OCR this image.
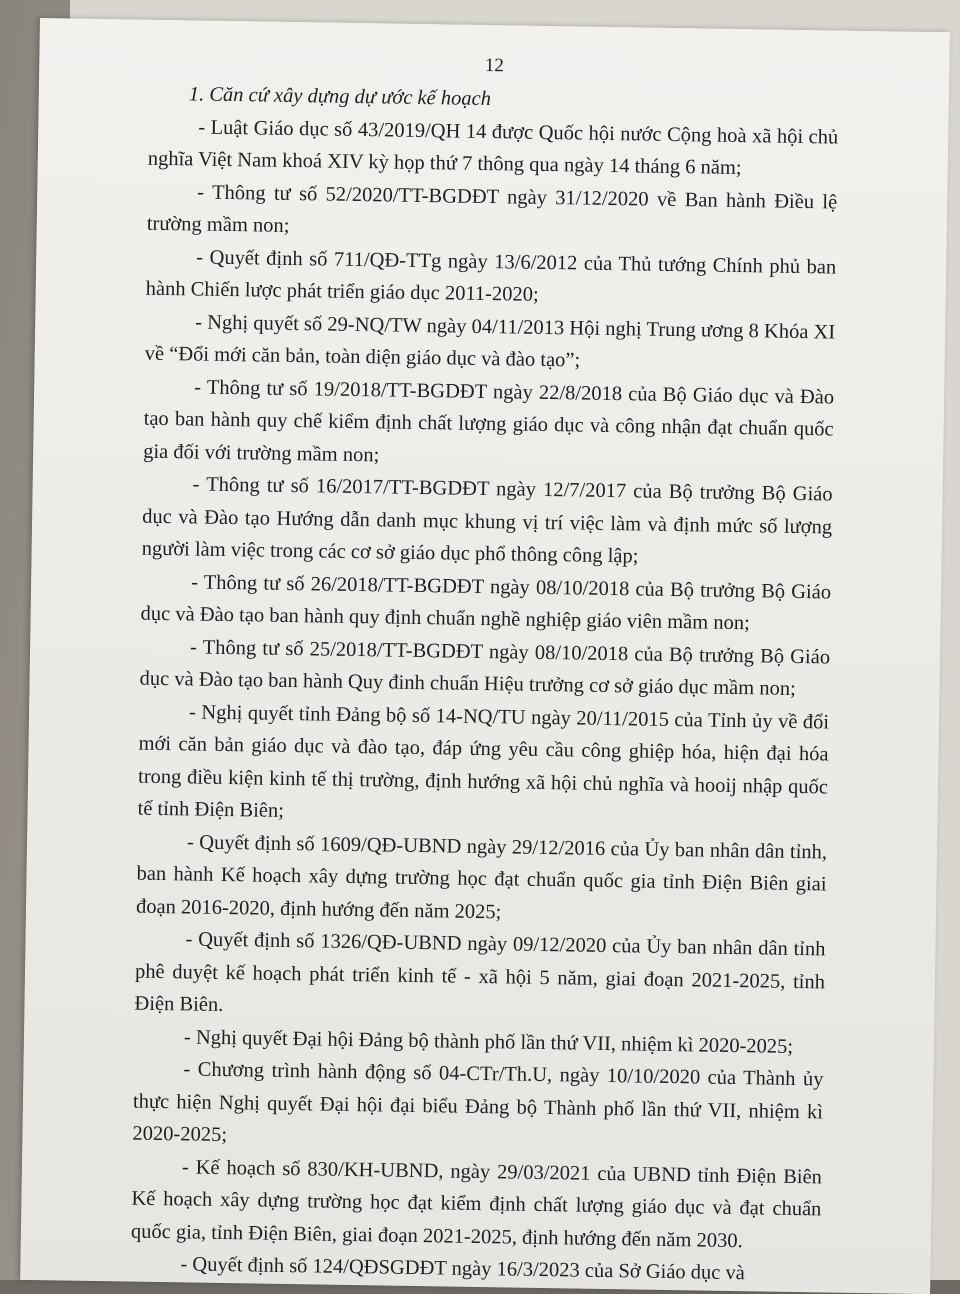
12

1. Căn cứ xây dựng dự ước kế hoạch

- Luật Giáo dục số 43/2019/QH 14 được Quốc hội nước Cộng hoà xã hội chủ nghĩa Việt Nam khoá XIV kỳ họp thứ 7 thông qua ngày 14 tháng 6 năm;

- Thông tư số 52/2020/TT-BGDĐT ngày 31/12/2020 về Ban hành Điều lệ trường mầm non;

- Quyết định số 711/QĐ-TTg ngày 13/6/2012 của Thủ tướng Chính phủ ban hành Chiến lược phát triển giáo dục 2011-2020;

- Nghị quyết số 29-NQ/TW ngày 04/11/2013 Hội nghị Trung ương 8 Khóa XI về “Đổi mới căn bản, toàn diện giáo dục và đào tạo”;

- Thông tư số 19/2018/TT-BGDĐT ngày 22/8/2018 của Bộ Giáo dục và Đào tạo ban hành quy chế kiểm định chất lượng giáo dục và công nhận đạt chuẩn quốc gia đối với trường mầm non;

- Thông tư số 16/2017/TT-BGDĐT ngày 12/7/2017 của Bộ trưởng Bộ Giáo dục và Đào tạo Hướng dẫn danh mục khung vị trí việc làm và định mức số lượng người làm việc trong các cơ sở giáo dục phổ thông công lập;

- Thông tư số 26/2018/TT-BGDĐT ngày 08/10/2018 của Bộ trưởng Bộ Giáo dục và Đào tạo ban hành quy định chuẩn nghề nghiệp giáo viên mầm non;

- Thông tư số 25/2018/TT-BGDĐT ngày 08/10/2018 của Bộ trưởng Bộ Giáo dục và Đào tạo ban hành Quy đinh chuẩn Hiệu trưởng cơ sở giáo dục mầm non;

- Nghị quyết tỉnh Đảng bộ số 14-NQ/TU ngày 20/11/2015 của Tỉnh ủy về đổi mới căn bản giáo dục và đào tạo, đáp ứng yêu cầu công ghiệp hóa, hiện đại hóa trong điều kiện kinh tế thị trường, định hướng xã hội chủ nghĩa và hooij nhập quốc tế tỉnh Điện Biên;

- Quyết định số 1609/QĐ-UBND ngày 29/12/2016 của Ủy ban nhân dân tỉnh, ban hành Kế hoạch xây dựng trường học đạt chuẩn quốc gia tỉnh Điện Biên giai đoạn 2016-2020, định hướng đến năm 2025;

- Quyết định số 1326/QĐ-UBND ngày 09/12/2020 của Ủy ban nhân dân tỉnh phê duyệt kế hoạch phát triển kinh tế - xã hội 5 năm, giai đoạn 2021-2025, tỉnh Điện Biên.

- Nghị quyết Đại hội Đảng bộ thành phố lần thứ VII, nhiệm kì 2020-2025;

- Chương trình hành động số 04-CTr/Th.U, ngày 10/10/2020 của Thành ủy thực hiện Nghị quyết Đại hội đại biểu Đảng bộ Thành phố lần thứ VII, nhiệm kì 2020-2025;

- Kế hoạch số 830/KH-UBND, ngày 29/03/2021 của UBND tỉnh Điện Biên Kế hoạch xây dựng trường học đạt kiểm định chất lượng giáo dục và đạt chuẩn quốc gia, tỉnh Điện Biên, giai đoạn 2021-2025, định hướng đến năm 2030.

- Quyết định số 124/QĐSGDĐT ngày 16/3/2023 của Sở Giáo dục và
